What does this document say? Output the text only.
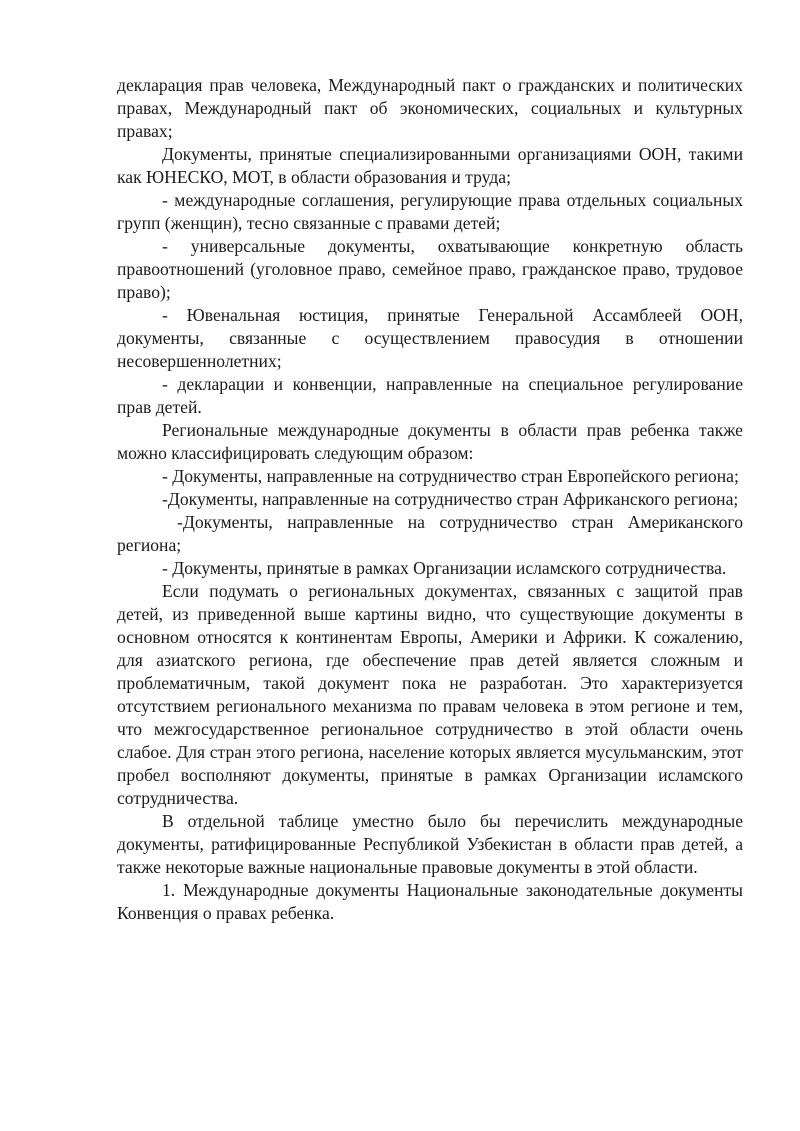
декларация прав человека, Международный пакт о гражданских и политических правах, Международный пакт об экономических, социальных и культурных правах;

Документы, принятые специализированными организациями ООН, такими как ЮНЕСКО, МОТ, в области образования и труда;

- международные соглашения, регулирующие права отдельных социальных групп (женщин), тесно связанные с правами детей;

- универсальные документы, охватывающие конкретную область правоотношений (уголовное право, семейное право, гражданское право, трудовое право);

- Ювенальная юстиция, принятые Генеральной Ассамблеей ООН, документы, связанные с осуществлением правосудия в отношении несовершеннолетних;

- декларации и конвенции, направленные на специальное регулирование прав детей.

Региональные международные документы в области прав ребенка также можно классифицировать следующим образом:

- Документы, направленные на сотрудничество стран Европейского региона;

-Документы, направленные на сотрудничество стран Африканского региона;

-Документы, направленные на сотрудничество стран Американского региона;

- Документы, принятые в рамках Организации исламского сотрудничества.

Если подумать о региональных документах, связанных с защитой прав детей, из приведенной выше картины видно, что существующие документы в основном относятся к континентам Европы, Америки и Африки. К сожалению, для азиатского региона, где обеспечение прав детей является сложным и проблематичным, такой документ пока не разработан. Это характеризуется отсутствием регионального механизма по правам человека в этом регионе и тем, что межгосударственное региональное сотрудничество в этой области очень слабое. Для стран этого региона, население которых является мусульманским, этот пробел восполняют документы, принятые в рамках Организации исламского сотрудничества.

В отдельной таблице уместно было бы перечислить международные документы, ратифицированные Республикой Узбекистан в области прав детей, а также некоторые важные национальные правовые документы в этой области.

1. Международные документы Национальные законодательные документы Конвенция о правах ребенка.
